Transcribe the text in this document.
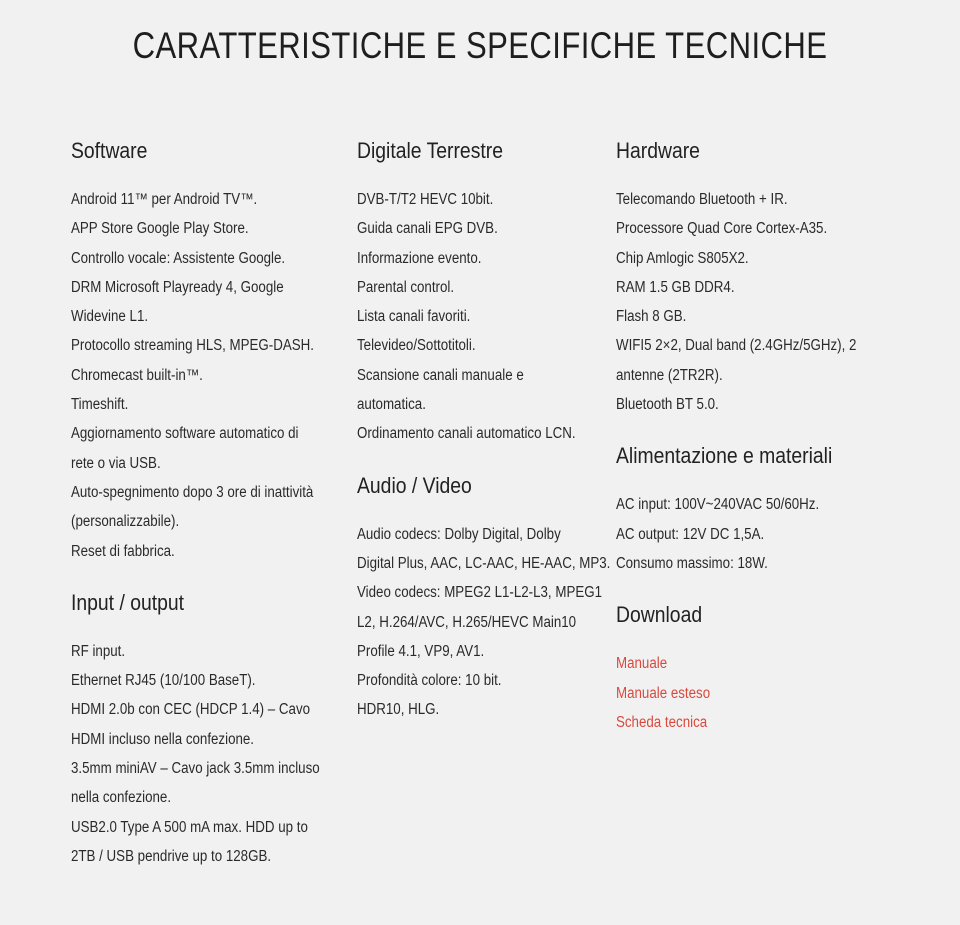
CARATTERISTICHE E SPECIFICHE TECNICHE
Software
Android 11™ per Android TV™.
APP Store Google Play Store.
Controllo vocale: Assistente Google.
DRM Microsoft Playready 4, Google
Widevine L1.
Protocollo streaming HLS, MPEG-DASH.
Chromecast built-in™.
Timeshift.
Aggiornamento software automatico di
rete o via USB.
Auto-spegnimento dopo 3 ore di inattività
(personalizzabile).
Reset di fabbrica.
Input / output
RF input.
Ethernet RJ45 (10/100 BaseT).
HDMI 2.0b con CEC (HDCP 1.4) – Cavo
HDMI incluso nella confezione.
3.5mm miniAV – Cavo jack 3.5mm incluso
nella confezione.
USB2.0 Type A 500 mA max. HDD up to
2TB / USB pendrive up to 128GB.
Digitale Terrestre
DVB-T/T2 HEVC 10bit.
Guida canali EPG DVB.
Informazione evento.
Parental control.
Lista canali favoriti.
Televideo/Sottotitoli.
Scansione canali manuale e
automatica.
Ordinamento canali automatico LCN.
Audio / Video
Audio codecs: Dolby Digital, Dolby
Digital Plus, AAC, LC-AAC, HE-AAC, MP3.
Video codecs: MPEG2 L1-L2-L3, MPEG1
L2, H.264/AVC, H.265/HEVC Main10
Profile 4.1, VP9, AV1.
Profondità colore: 10 bit.
HDR10, HLG.
Hardware
Telecomando Bluetooth + IR.
Processore Quad Core Cortex-A35.
Chip Amlogic S805X2.
RAM 1.5 GB DDR4.
Flash 8 GB.
WIFI5 2×2, Dual band (2.4GHz/5GHz), 2
antenne (2TR2R).
Bluetooth BT 5.0.
Alimentazione e materiali
AC input: 100V~240VAC 50/60Hz.
AC output: 12V DC 1,5A.
Consumo massimo: 18W.
Download
Manuale
Manuale esteso
Scheda tecnica
